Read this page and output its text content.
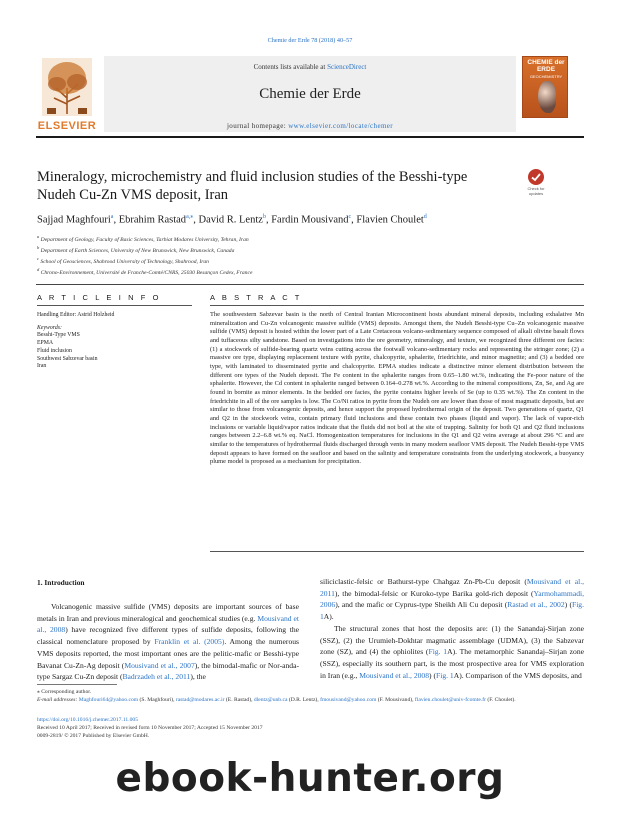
Chemie der Erde 78 (2018) 40–57
ELSEVIER
Contents lists available at ScienceDirect
Chemie der Erde
journal homepage: www.elsevier.com/locate/chemer
CHEMIE der ERDE
GEOCHEMISTRY
Mineralogy, microchemistry and fluid inclusion studies of the Besshi-type
Nudeh Cu-Zn VMS deposit, Iran	Check for
updates
Sajjad Maghfouri$^a$, Ebrahim Rastad$^{a,⁎}$, David R. Lentz$^b$, Fardin Mousivand$^c$, Flavien Choulet$^d$
$^a$ Department of Geology, Faculty of Basic Sciences, Tarbiat Modares University, Tehran, Iran
$^b$ Department of Earth Sciences, University of New Brunswick, New Brunswick, Canada
$^c$ School of Geosciences, Shahrood University of Technology, Shahrood, Iran
$^d$ Chrono-Environnement, Université de Franche-Comté/CNRS, 25030 Besançon Cedex, France
A R T I C L E I N F O	A B S T R A C T
Handling Editor: Astrid Holzheid
Keywords:
Besshi-Type VMS
EPMA
Fluid inclusion
Southwest Sabzevar basin
Iran
The southwestern Sabzevar basin is the north of Central Iranian Microcontinent hosts abundant mineral deposits, including exhalative Mn mineralization and Cu-Zn volcanogenic massive sulfide (VMS) deposits. Amongst them, the Nudeh Besshi-type Cu–Zn volcanogenic massive sulfide (VMS) deposit is hosted within the lower part of a Late Cretaceous volcano-sedimentary sequence composed of alkali olivine basalt flows and tuffaceous silty sandstone. Based on investigations into the ore geometry, mineralogy, and texture, we recognized three different ore facies: (1) a stockwork of sulfide-bearing quartz veins cutting across the footwall volcano-sedimentary rocks and representing the stringer zone; (2) a massive ore type, displaying replacement texture with pyrite, chalcopyrite, sphalerite, friedrichite, and minor magnetite; and (3) a bedded ore type, with laminated to disseminated pyrite and chalcopyrite. EPMA studies indicate a distinctive minor element distribution between the different ore types of the Nudeh deposit. The Fe content in the sphalerite ranges from 0.65–1.80 wt.%, indicating the Fe-poor nature of the sphalerite. However, the Cd content in sphalerite ranged between 0.164–0.278 wt.%. According to the mineral compositions, Zn, Se, and Ag are found in bornite as minor elements. In the bedded ore facies, the pyrite contains higher levels of Se (up to 0.35 wt.%). The Zn content in the friedrichite in all of the ore samples is low. The Co/Ni ratios in pyrite from the Nudeh ore are lower than those of most magmatic deposits, but are similar to those from volcanogenic deposits, and hence support the proposed hydrothermal origin of the deposit. Two generations of quartz, Q1 and Q2 in the stockwork veins, contain primary fluid inclusions and these contain two phases (liquid and vapor). The lack of vapor-rich inclusions or variable liquid/vapor ratios indicate that the fluids did not boil at the site of trapping. Salinity for both Q1 and Q2 fluid inclusions ranges between 2.2–6.8 wt.% eq. NaCl. Homogenization temperatures for inclusions in the Q1 and Q2 veins average at about 296 °C and are similar to the temperatures of hydrothermal fluids discharged through vents in many modern seafloor VMS deposit. The Nudeh Besshi-type VMS deposit appears to have formed on the seafloor and based on the salinity and temperature constraints from the underlying stockwork, a buoyancy plume model is proposed as a mechanism for precipitation.
1. Introduction
Volcanogenic massive sulfide (VMS) deposits are important sources of base metals in Iran and previous mineralogical and geochemical studies (e.g. Mousivand et al., 2008) have recognized five different types of sulfide deposits, following the classical nomenclature proposed by Franklin et al. (2005). Among the numerous VMS deposits reported, the most important ones are the pelitic-mafic or Besshi-type Bavanat Cu-Zn-Ag deposit (Mousivand et al., 2007), the bimodal-mafic or Nor-anda-type Sargaz Cu-Zn deposit (Badrzadeh et al., 2011), the
siliciclastic-felsic or Bathurst-type Chahgaz Zn-Pb-Cu deposit (Mousivand et al., 2011), the bimodal-felsic or Kuroko-type Barika gold-rich deposit (Yarmohammadi, 2006), and the mafic or Cyprus-type Sheikh Ali Cu deposit (Rastad et al., 2002) (Fig. 1A).
The structural zones that host the deposits are: (1) the Sanandaj-Sirjan zone (SSZ), (2) the Urumieh-Dokhtar magmatic assemblage (UDMA), (3) the Sabzevar zone (SZ), and (4) the ophiolites (Fig. 1A). The metamorphic Sanandaj–Sirjan zone (SSZ), especially its southern part, is the most prospective area for VMS exploration in Iran (e.g., Mousivand et al., 2008) (Fig. 1A). Comparison of the VMS deposits, and
⁎ Corresponding author.
E-mail addresses: Maghfouri64@yahoo.com (S. Maghfouri), rastad@modares.ac.ir (E. Rastad), dlentz@unb.ca (D.R. Lentz), fmousivand@yahoo.com (F. Mousivand), flavien.choulet@univ-fcomte.fr (F. Choulet).
https://doi.org/10.1016/j.chemer.2017.11.005
Received 10 April 2017; Received in revised form 10 November 2017; Accepted 15 November 2017
0009-2819/ © 2017 Published by Elsevier GmbH.
ebook-hunter.org
